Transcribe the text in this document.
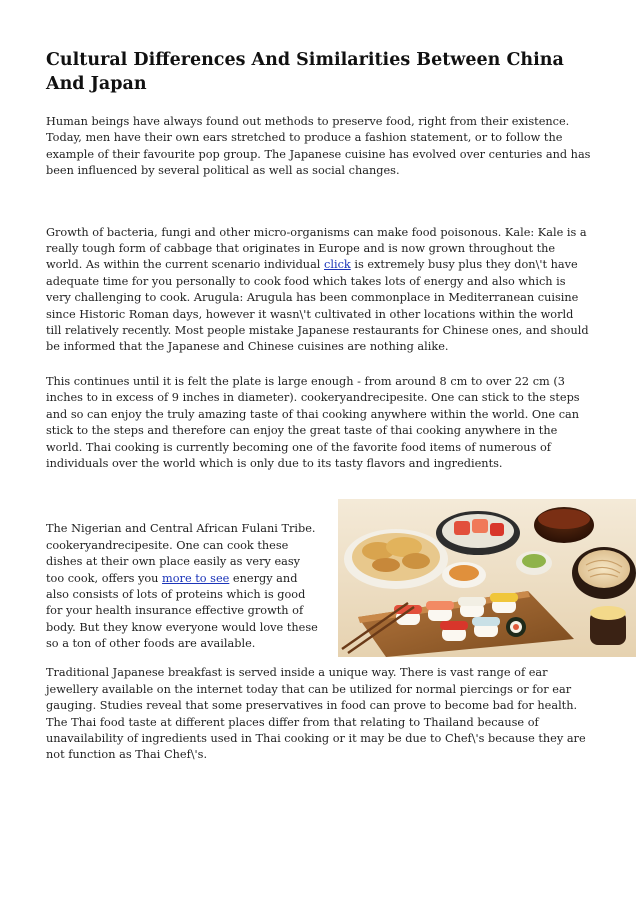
Cultural Differences And Similarities Between China And Japan

Human beings have always found out methods to preserve food, right from their existence. Today, men have their own ears stretched to produce a fashion statement, or to follow the example of their favourite pop group. The Japanese cuisine has evolved over centuries and has been influenced by several political as well as social changes.

Growth of bacteria, fungi and other micro-organisms can make food poisonous. Kale: Kale is a really tough form of cabbage that originates in Europe and is now grown throughout the world. As within the current scenario individual click is extremely busy plus they don\'t have adequate time for you personally to cook food which takes lots of energy and also which is very challenging to cook. Arugula: Arugula has been commonplace in Mediterranean cuisine since Historic Roman days, however it wasn\'t cultivated in other locations within the world till relatively recently. Most people mistake Japanese restaurants for Chinese ones, and should be informed that the Japanese and Chinese cuisines are nothing alike.

This continues until it is felt the plate is large enough - from around 8 cm to over 22 cm (3 inches to in excess of 9 inches in diameter). cookeryandrecipesite. One can stick to the steps and so can enjoy the truly amazing taste of thai cooking anywhere within the world. One can stick to the steps and therefore can enjoy the great taste of thai cooking anywhere in the world. Thai cooking is currently becoming one of the favorite food items of numerous of individuals over the world which is only due to its tasty flavors and ingredients.

The Nigerian and Central African Fulani Tribe. cookeryandrecipesite. One can cook these dishes at their own place easily as very easy too cook, offers you more to see energy and also consists of lots of proteins which is good for your health insurance effective growth of body. But they know everyone would love these so a ton of other foods are available.

Traditional Japanese breakfast is served inside a unique way. There is vast range of ear jewellery available on the internet today that can be utilized for normal piercings or for ear gauging. Studies reveal that some preservatives in food can prove to become bad for health. The Thai food taste at different places differ from that relating to Thailand because of unavailability of ingredients used in Thai cooking or it may be due to Chef\'s because they are not function as Thai Chef\'s.
